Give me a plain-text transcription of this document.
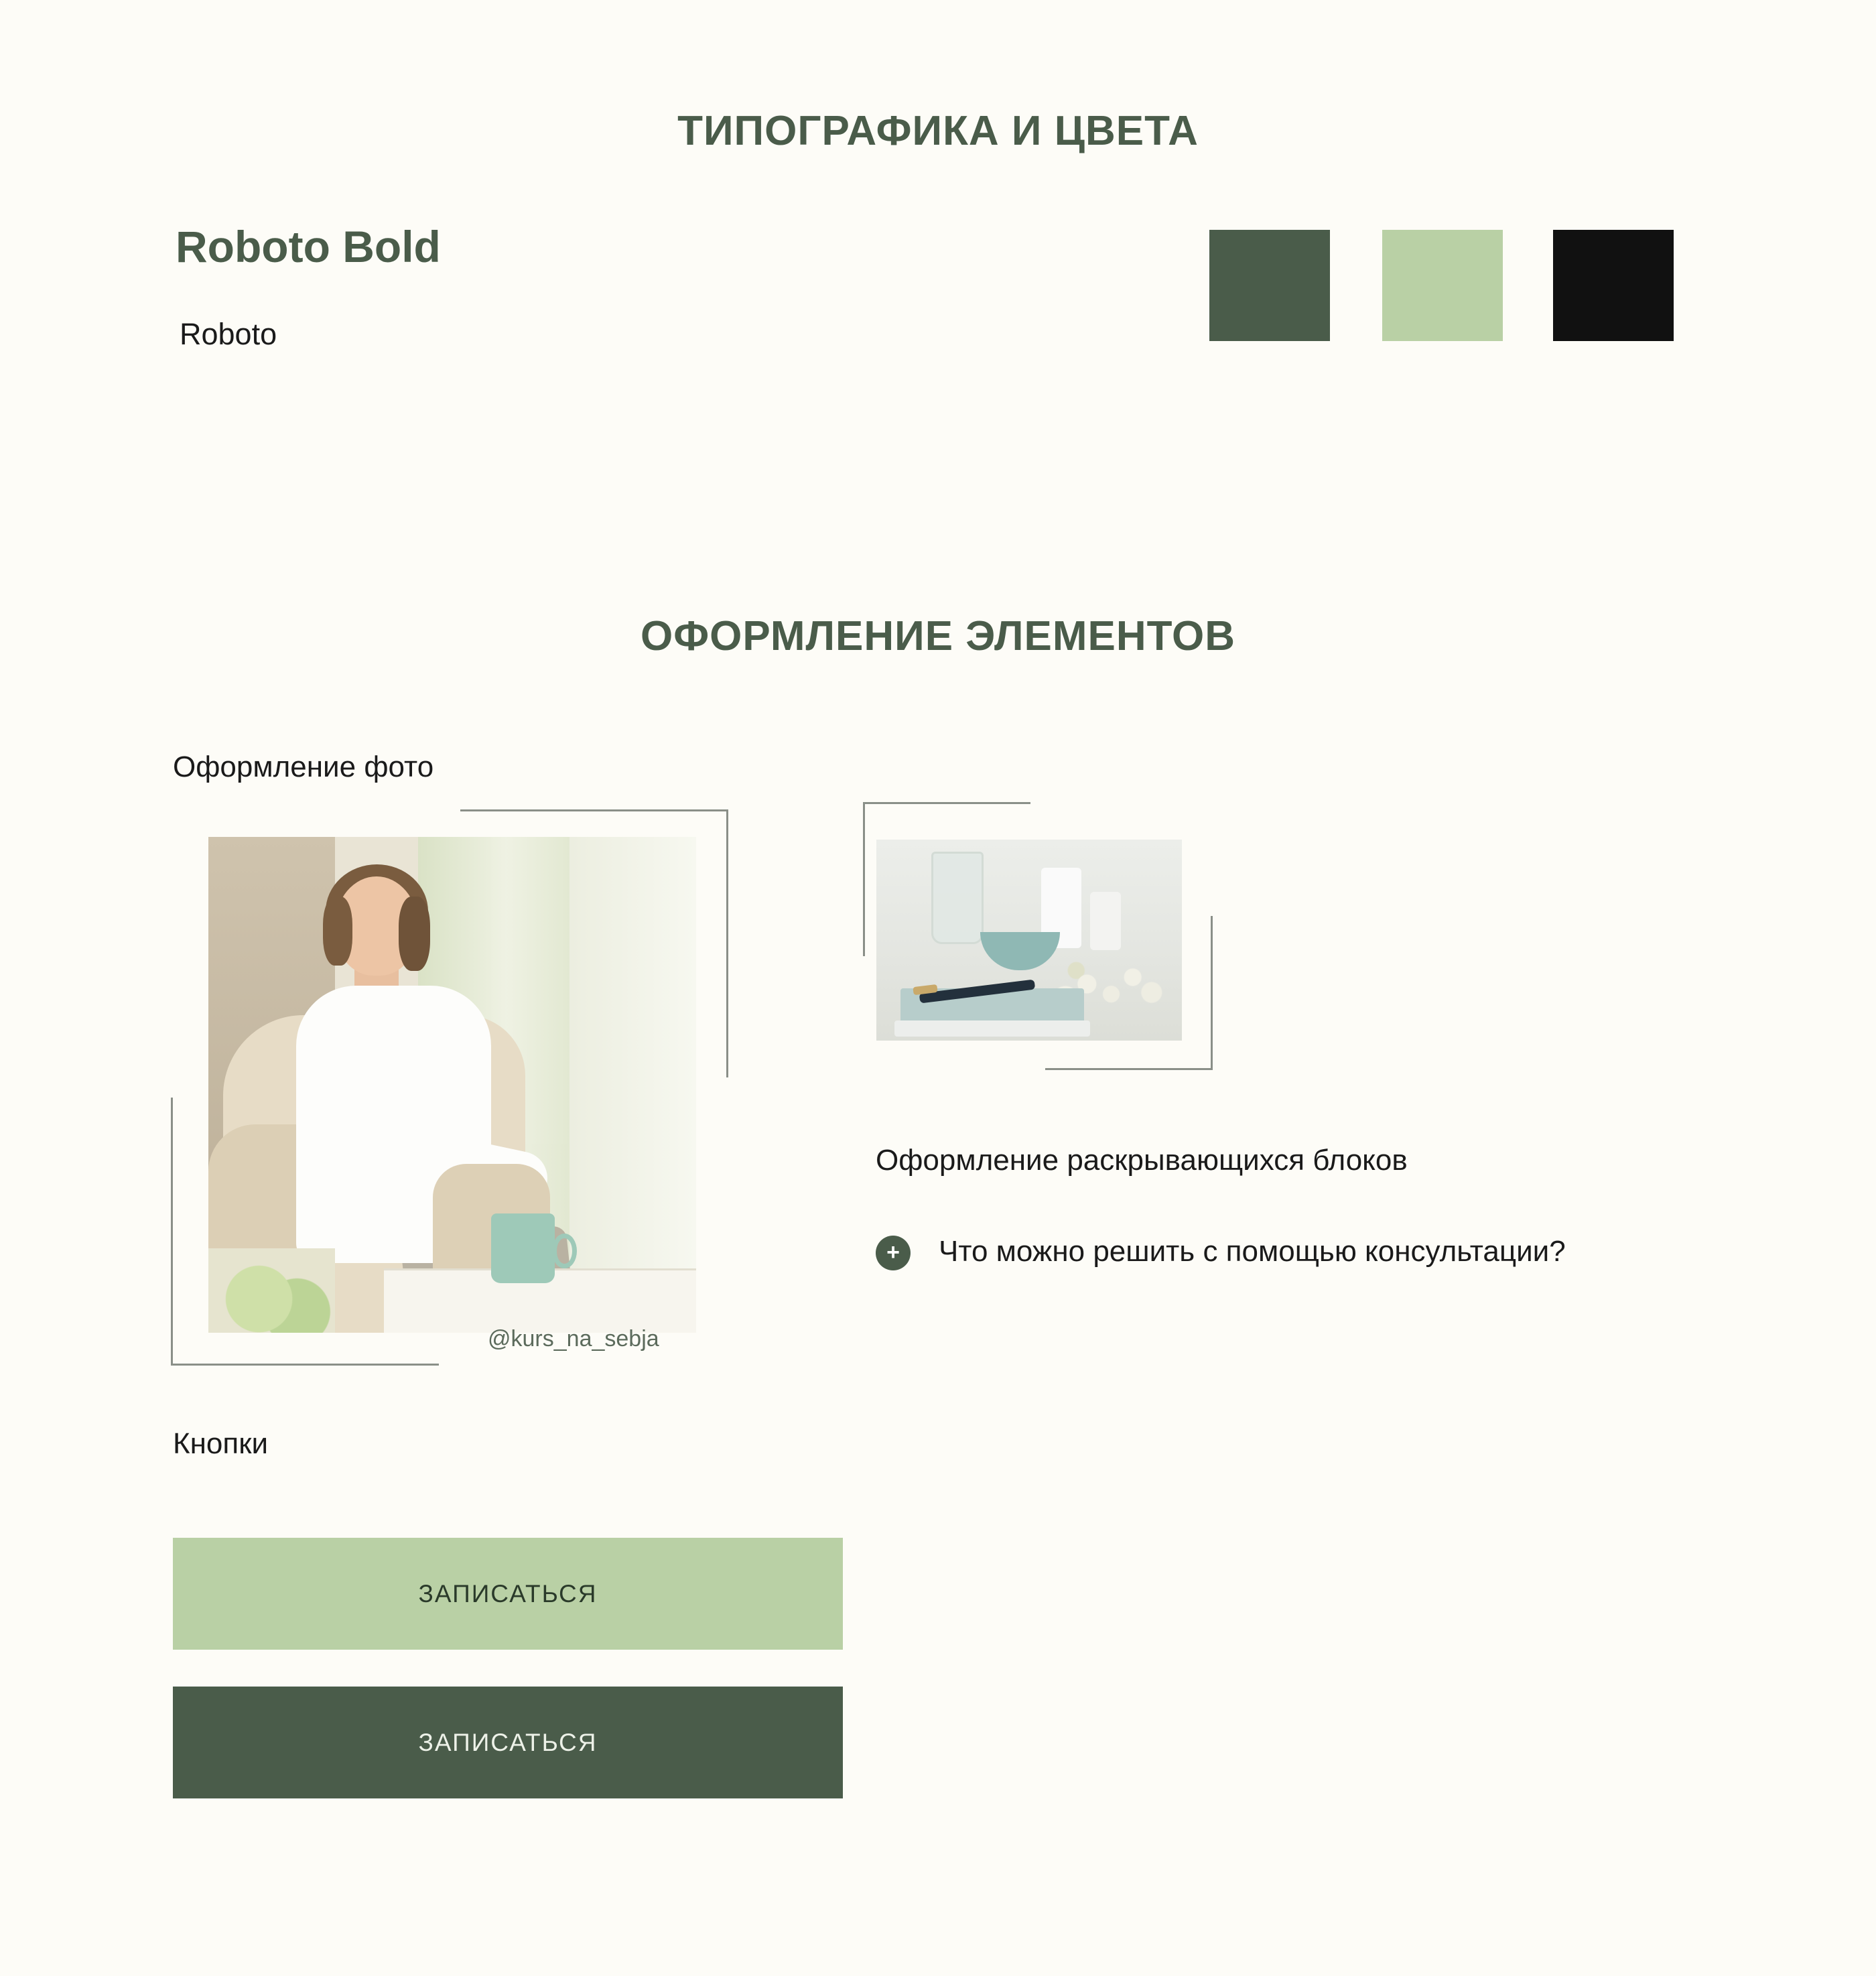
ТИПОГРАФИКА И ЦВЕТА
Roboto Bold
Roboto
ОФОРМЛЕНИЕ ЭЛЕМЕНТОВ
Оформление фото
@kurs_na_sebja
Оформление раскрывающихся блоков
+	Что можно решить с помощью консультации?
Кнопки
ЗАПИСАТЬСЯ
ЗАПИСАТЬСЯ
